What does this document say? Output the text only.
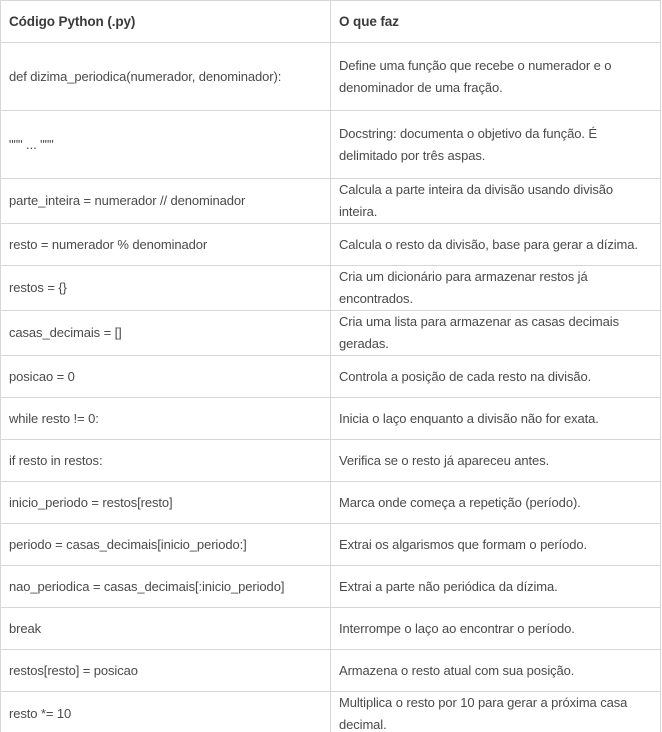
Código Python (.py)	O que faz
def dizima_periodica(numerador, denominador):	Define uma função que recebe o numerador e o denominador de uma fração.
""" ... """	Docstring: documenta o objetivo da função. É delimitado por três aspas.
parte_inteira = numerador // denominador	Calcula a parte inteira da divisão usando divisão inteira.
resto = numerador % denominador	Calcula o resto da divisão, base para gerar a dízima.
restos = {}	Cria um dicionário para armazenar restos já encontrados.
casas_decimais = []	Cria uma lista para armazenar as casas decimais geradas.
posicao = 0	Controla a posição de cada resto na divisão.
while resto != 0:	Inicia o laço enquanto a divisão não for exata.
if resto in restos:	Verifica se o resto já apareceu antes.
inicio_periodo = restos[resto]	Marca onde começa a repetição (período).
periodo = casas_decimais[inicio_periodo:]	Extrai os algarismos que formam o período.
nao_periodica = casas_decimais[:inicio_periodo]	Extrai a parte não periódica da dízima.
break	Interrompe o laço ao encontrar o período.
restos[resto] = posicao	Armazena o resto atual com sua posição.
resto *= 10	Multiplica o resto por 10 para gerar a próxima casa decimal.
